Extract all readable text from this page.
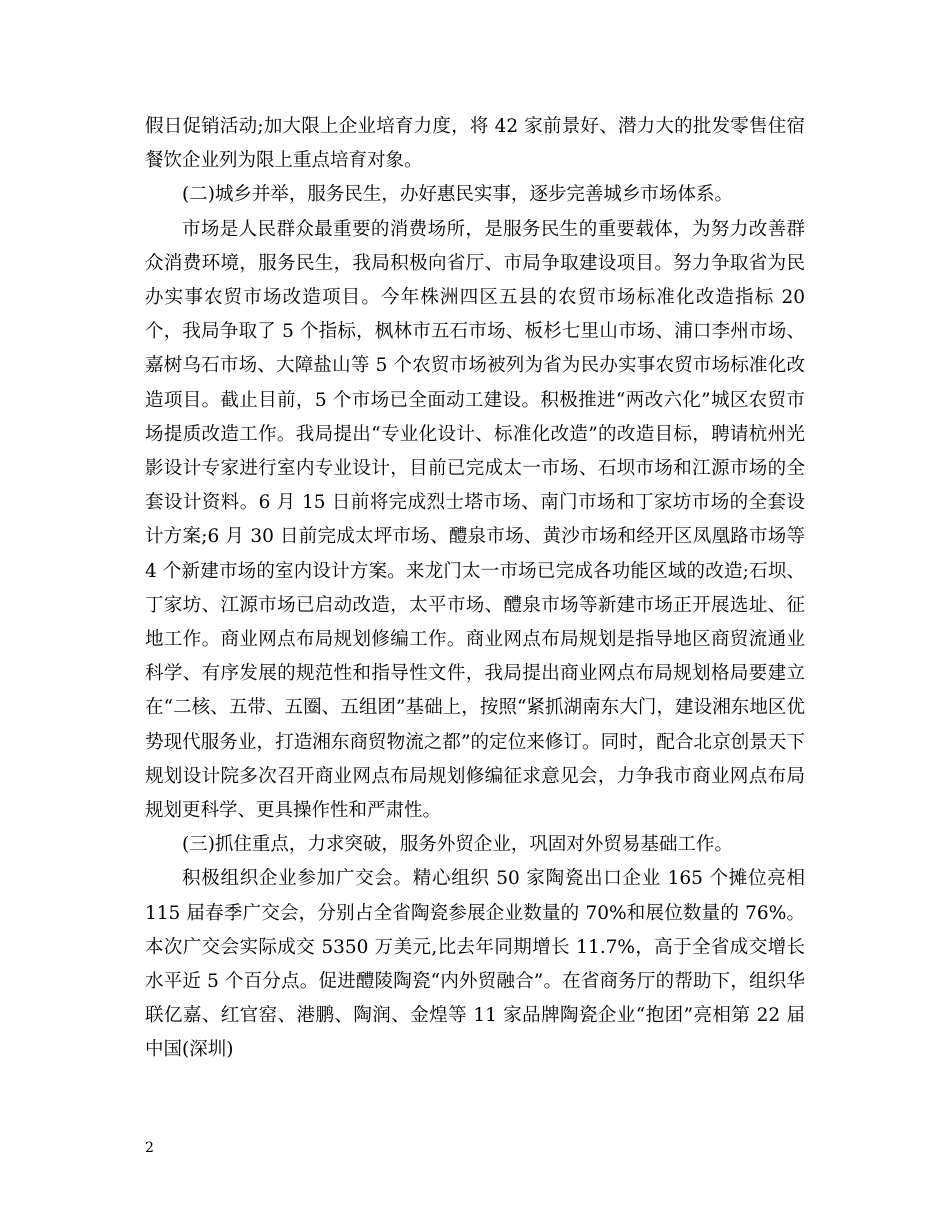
假日促销活动;加大限上企业培育力度，将 42 家前景好、潜力大的批发零售住宿餐饮企业列为限上重点培育对象。

(二)城乡并举，服务民生，办好惠民实事，逐步完善城乡市场体系。

市场是人民群众最重要的消费场所，是服务民生的重要载体，为努力改善群众消费环境，服务民生，我局积极向省厅、市局争取建设项目。努力争取省为民办实事农贸市场改造项目。今年株洲四区五县的农贸市场标准化改造指标 20 个，我局争取了 5 个指标，枫林市五石市场、板杉七里山市场、浦口李州市场、嘉树乌石市场、大障盐山等 5 个农贸市场被列为省为民办实事农贸市场标准化改造项目。截止目前，5 个市场已全面动工建设。积极推进“两改六化”城区农贸市场提质改造工作。我局提出“专业化设计、标准化改造”的改造目标，聘请杭州光影设计专家进行室内专业设计，目前已完成太一市场、石坝市场和江源市场的全套设计资料。6 月 15 日前将完成烈士塔市场、南门市场和丁家坊市场的全套设计方案;6 月 30 日前完成太坪市场、醴泉市场、黄沙市场和经开区凤凰路市场等 4 个新建市场的室内设计方案。来龙门太一市场已完成各功能区域的改造;石坝、丁家坊、江源市场已启动改造，太平市场、醴泉市场等新建市场正开展选址、征地工作。商业网点布局规划修编工作。商业网点布局规划是指导地区商贸流通业科学、有序发展的规范性和指导性文件，我局提出商业网点布局规划格局要建立在“二核、五带、五圈、五组团”基础上，按照“紧抓湖南东大门，建设湘东地区优势现代服务业，打造湘东商贸物流之都”的定位来修订。同时，配合北京创景天下规划设计院多次召开商业网点布局规划修编征求意见会，力争我市商业网点布局规划更科学、更具操作性和严肃性。

(三)抓住重点，力求突破，服务外贸企业，巩固对外贸易基础工作。

积极组织企业参加广交会。精心组织 50 家陶瓷出口企业 165 个摊位亮相 115 届春季广交会，分别占全省陶瓷参展企业数量的 70%和展位数量的 76%。本次广交会实际成交 5350 万美元,比去年同期增长 11.7%，高于全省成交增长水平近 5 个百分点。促进醴陵陶瓷“内外贸融合”。在省商务厅的帮助下，组织华联亿嘉、红官窑、港鹏、陶润、金煌等 11 家品牌陶瓷企业“抱团”亮相第 22 届中国(深圳)

2
